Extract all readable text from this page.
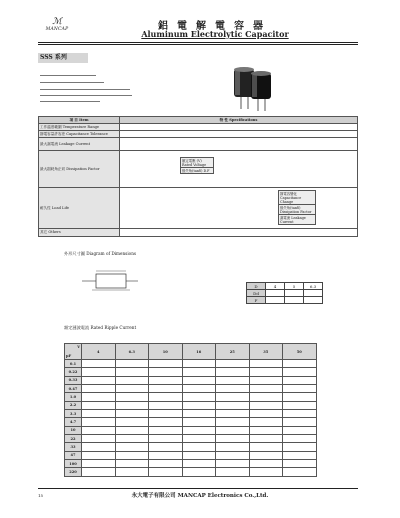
ℳ
MANCAP	鋁電解電容器
Aluminum Electrolytic Capacitor
SSS 系列
項 目 Item	特 性 Specifications
工作溫度範圍 Temperature Range	
靜電容量許容差 Capacitance Tolerance	
最大漏電流 Leakage Current	
最大損耗角正切 Dissipation Factor	額定電壓 (V) Rated Voltage
損失角(tanδ) D.F

耐久性 Load Life	靜電容變化 Capacitance Change
損失角(tanδ) Dissipation Factor
漏電流 Leakage Current

其它 Others	
外形尺寸圖 Diagram of Dimensions
D	4	5	6.3
Dd			
F			
額定漣波電流 Rated Ripple Current
V
µF	4	6.3	10	16	25	35	50
0.1							
0.22							
0.33							
0.47							
1.0							
2.2							
3.3							
4.7							
10							
22							
33							
47							
100							
220							
15	永大電子有限公司 MANCAP Electronics Co.,Ltd.
